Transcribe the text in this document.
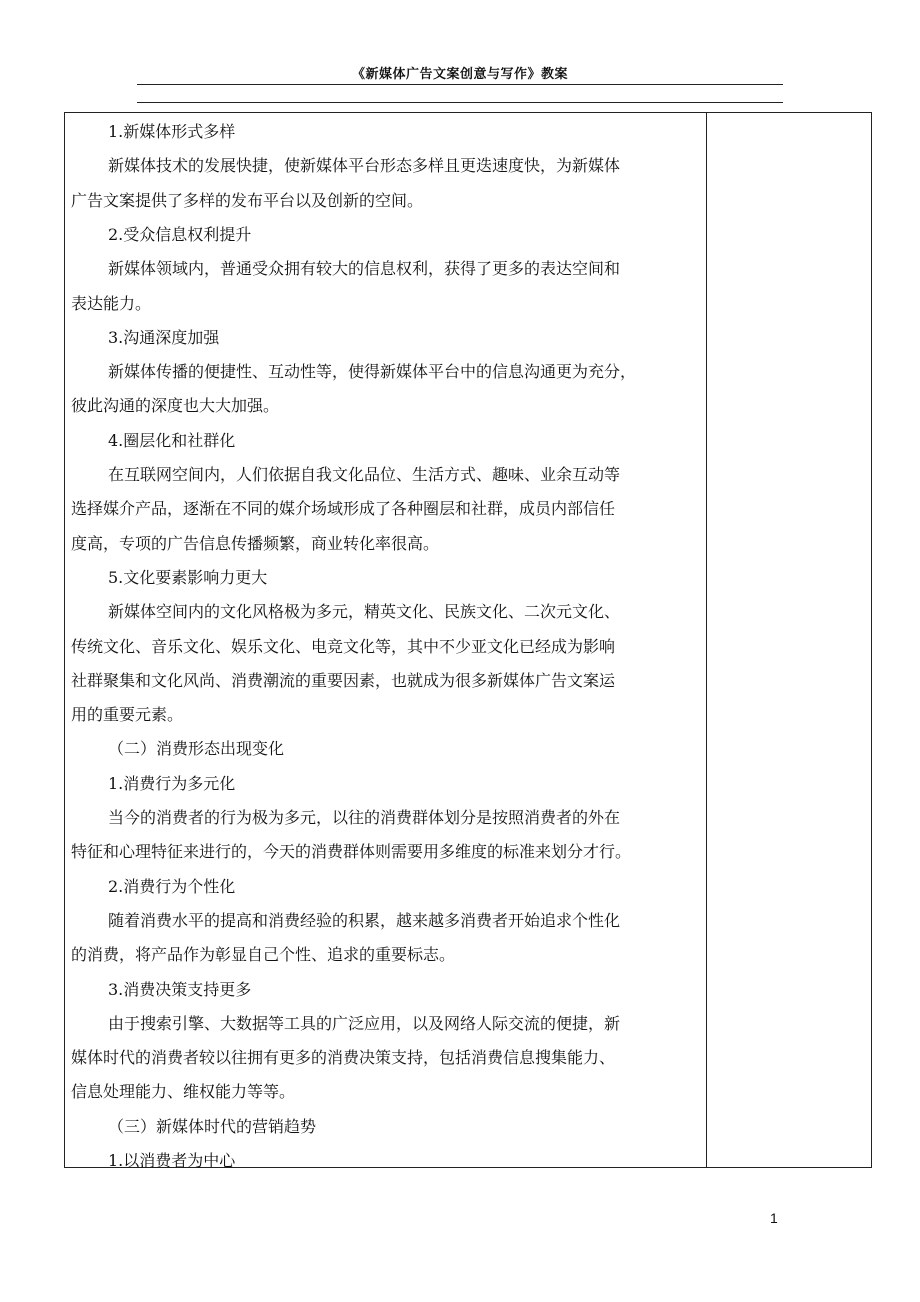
《新媒体广告文案创意与写作》教案
1.新媒体形式多样
新媒体技术的发展快捷，使新媒体平台形态多样且更迭速度快，为新媒体
广告文案提供了多样的发布平台以及创新的空间。
2.受众信息权利提升
新媒体领域内，普通受众拥有较大的信息权利，获得了更多的表达空间和
表达能力。
3.沟通深度加强
新媒体传播的便捷性、互动性等，使得新媒体平台中的信息沟通更为充分，
彼此沟通的深度也大大加强。
4.圈层化和社群化
在互联网空间内，人们依据自我文化品位、生活方式、趣味、业余互动等
选择媒介产品，逐渐在不同的媒介场域形成了各种圈层和社群，成员内部信任
度高，专项的广告信息传播频繁，商业转化率很高。
5.文化要素影响力更大
新媒体空间内的文化风格极为多元，精英文化、民族文化、二次元文化、
传统文化、音乐文化、娱乐文化、电竞文化等，其中不少亚文化已经成为影响
社群聚集和文化风尚、消费潮流的重要因素，也就成为很多新媒体广告文案运
用的重要元素。
（二）消费形态出现变化
1.消费行为多元化
当今的消费者的行为极为多元，以往的消费群体划分是按照消费者的外在
特征和心理特征来进行的，今天的消费群体则需要用多维度的标准来划分才行。
2.消费行为个性化
随着消费水平的提高和消费经验的积累，越来越多消费者开始追求个性化
的消费，将产品作为彰显自己个性、追求的重要标志。
3.消费决策支持更多
由于搜索引擎、大数据等工具的广泛应用，以及网络人际交流的便捷，新
媒体时代的消费者较以往拥有更多的消费决策支持，包括消费信息搜集能力、
信息处理能力、维权能力等等。
（三）新媒体时代的营销趋势
1.以消费者为中心
1
